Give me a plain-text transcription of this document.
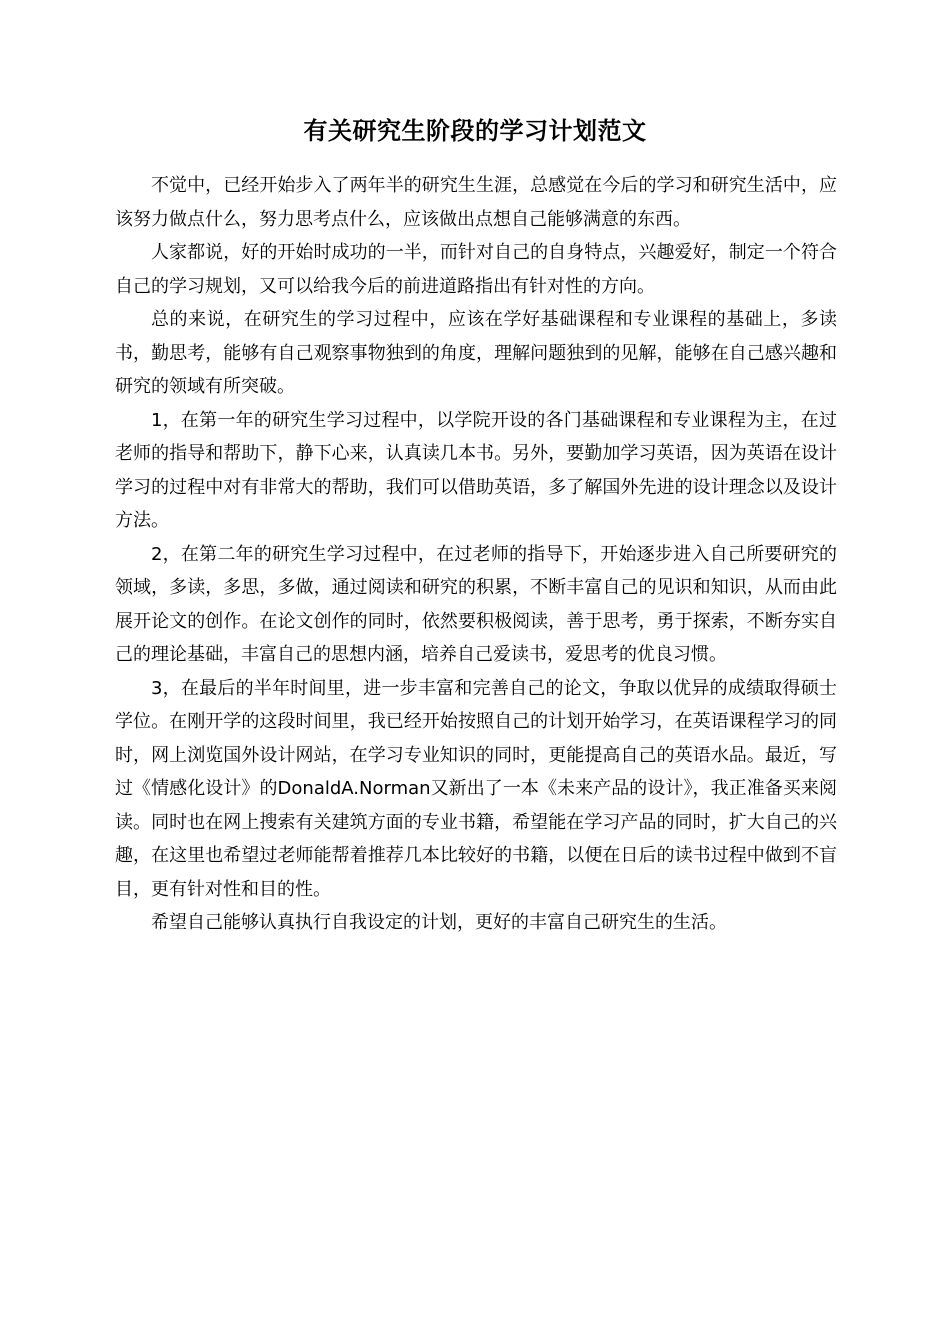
有关研究生阶段的学习计划范文

不觉中，已经开始步入了两年半的研究生生涯，总感觉在今后的学习和研究生活中，应该努力做点什么，努力思考点什么，应该做出点想自己能够满意的东西。

人家都说，好的开始时成功的一半，而针对自己的自身特点，兴趣爱好，制定一个符合自己的学习规划，又可以给我今后的前进道路指出有针对性的方向。

总的来说，在研究生的学习过程中，应该在学好基础课程和专业课程的基础上，多读书，勤思考，能够有自己观察事物独到的角度，理解问题独到的见解，能够在自己感兴趣和研究的领域有所突破。

1，在第一年的研究生学习过程中，以学院开设的各门基础课程和专业课程为主，在过老师的指导和帮助下，静下心来，认真读几本书。另外，要勤加学习英语，因为英语在设计学习的过程中对有非常大的帮助，我们可以借助英语，多了解国外先进的设计理念以及设计方法。

2，在第二年的研究生学习过程中，在过老师的指导下，开始逐步进入自己所要研究的领域，多读，多思，多做，通过阅读和研究的积累，不断丰富自己的见识和知识，从而由此展开论文的创作。在论文创作的同时，依然要积极阅读，善于思考，勇于探索，不断夯实自己的理论基础，丰富自己的思想内涵，培养自己爱读书，爱思考的优良习惯。

3，在最后的半年时间里，进一步丰富和完善自己的论文，争取以优异的成绩取得硕士学位。在刚开学的这段时间里，我已经开始按照自己的计划开始学习，在英语课程学习的同时，网上浏览国外设计网站，在学习专业知识的同时，更能提高自己的英语水品。最近，写过《情感化设计》的DonaldA.Norman又新出了一本《未来产品的设计》，我正准备买来阅读。同时也在网上搜索有关建筑方面的专业书籍，希望能在学习产品的同时，扩大自己的兴趣，在这里也希望过老师能帮着推荐几本比较好的书籍，以便在日后的读书过程中做到不盲目，更有针对性和目的性。

希望自己能够认真执行自我设定的计划，更好的丰富自己研究生的生活。
